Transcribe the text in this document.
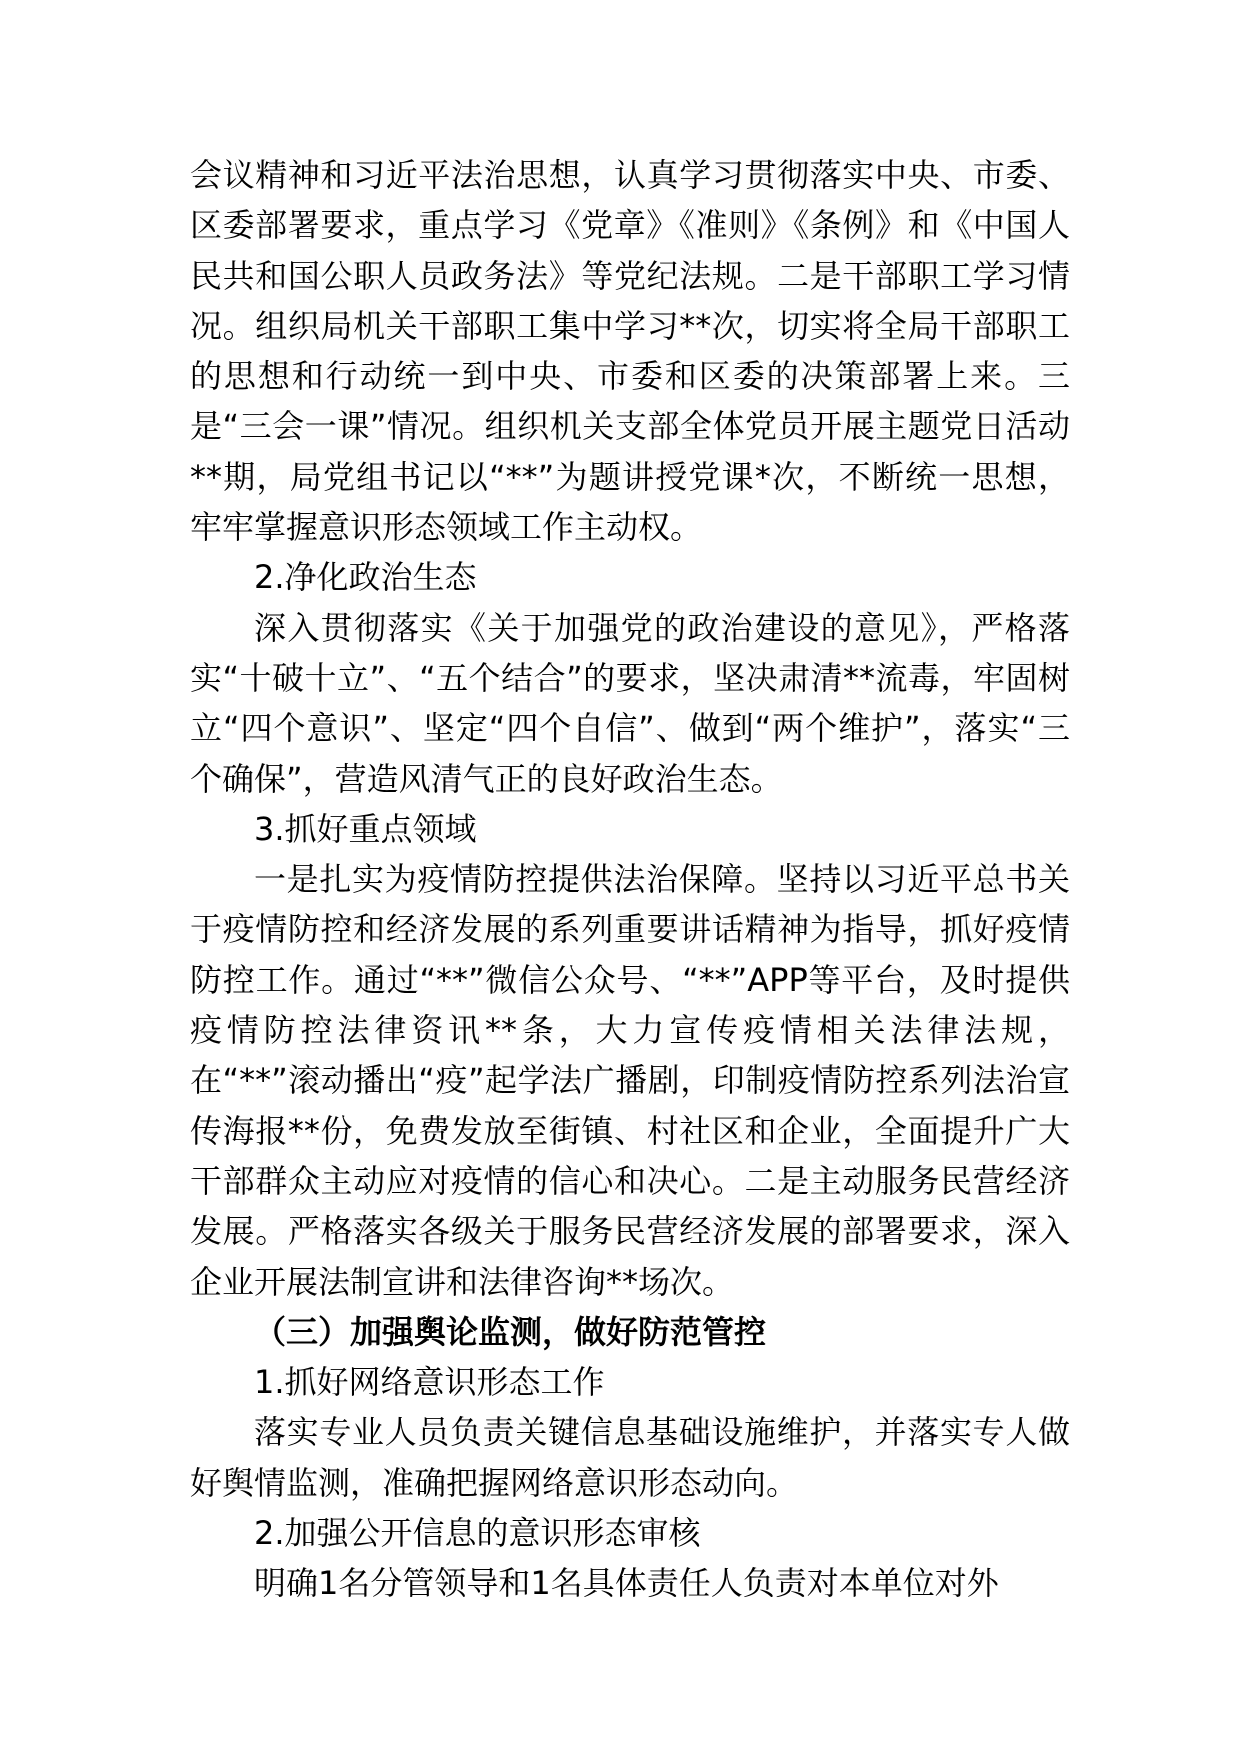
会议精神和习近平法治思想，认真学习贯彻落实中央、市委、区委部署要求，重点学习《党章》《准则》《条例》和《中国人民共和国公职人员政务法》等党纪法规。二是干部职工学习情况。组织局机关干部职工集中学习**次，切实将全局干部职工的思想和行动统一到中央、市委和区委的决策部署上来。三是“三会一课”情况。组织机关支部全体党员开展主题党日活动**期，局党组书记以“**”为题讲授党课*次，不断统一思想，牢牢掌握意识形态领域工作主动权。

2.净化政治生态

深入贯彻落实《关于加强党的政治建设的意见》，严格落实“十破十立”、“五个结合”的要求，坚决肃清**流毒，牢固树立“四个意识”、坚定“四个自信”、做到“两个维护”，落实“三个确保”，营造风清气正的良好政治生态。

3.抓好重点领域

一是扎实为疫情防控提供法治保障。坚持以习近平总书关于疫情防控和经济发展的系列重要讲话精神为指导，抓好疫情防控工作。通过“**”微信公众号、“**”APP等平台，及时提供疫情防控法律资讯**条，大力宣传疫情相关法律法规，在“**”滚动播出“疫”起学法广播剧，印制疫情防控系列法治宣传海报**份，免费发放至街镇、村社区和企业，全面提升广大干部群众主动应对疫情的信心和决心。二是主动服务民营经济发展。严格落实各级关于服务民营经济发展的部署要求，深入企业开展法制宣讲和法律咨询**场次。

（三）加强舆论监测，做好防范管控

1.抓好网络意识形态工作

落实专业人员负责关键信息基础设施维护，并落实专人做好舆情监测，准确把握网络意识形态动向。

2.加强公开信息的意识形态审核

明确1名分管领导和1名具体责任人负责对本单位对外
